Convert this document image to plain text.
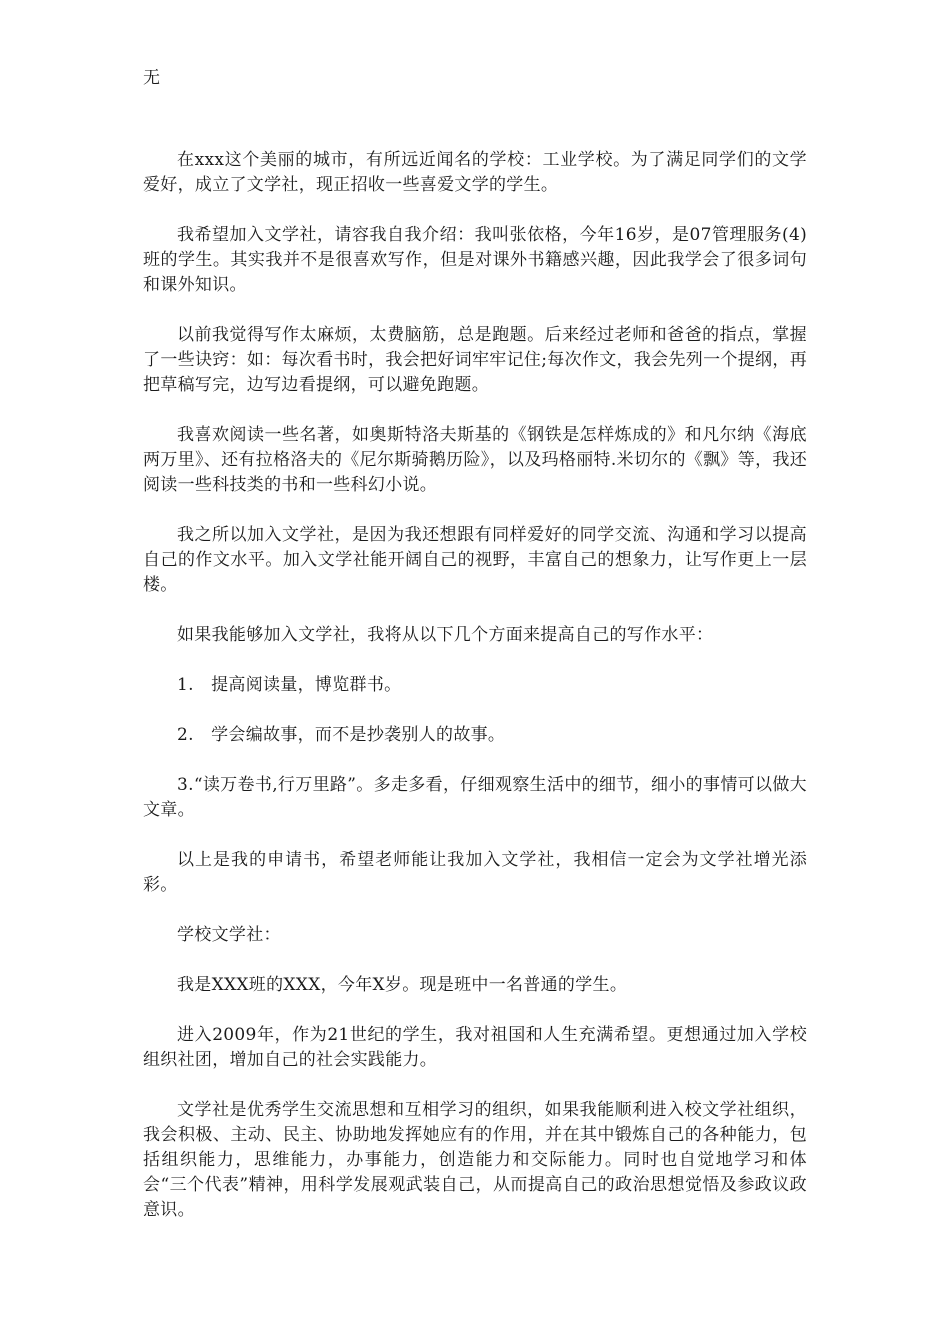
无

在xxx这个美丽的城市，有所远近闻名的学校：工业学校。为了满足同学们的文学爱好，成立了文学社，现正招收一些喜爱文学的学生。

我希望加入文学社，请容我自我介绍：我叫张依格，今年16岁，是07管理服务(4)班的学生。其实我并不是很喜欢写作，但是对课外书籍感兴趣，因此我学会了很多词句和课外知识。

以前我觉得写作太麻烦，太费脑筋，总是跑题。后来经过老师和爸爸的指点，掌握了一些诀窍：如：每次看书时，我会把好词牢牢记住;每次作文，我会先列一个提纲，再把草稿写完，边写边看提纲，可以避免跑题。

我喜欢阅读一些名著，如奥斯特洛夫斯基的《钢铁是怎样炼成的》和凡尔纳《海底两万里》、还有拉格洛夫的《尼尔斯骑鹅历险》，以及玛格丽特.米切尔的《飘》等，我还阅读一些科技类的书和一些科幻小说。

我之所以加入文学社，是因为我还想跟有同样爱好的同学交流、沟通和学习以提高自己的作文水平。加入文学社能开阔自己的视野，丰富自己的想象力，让写作更上一层楼。

如果我能够加入文学社，我将从以下几个方面来提高自己的写作水平：

1.　提高阅读量，博览群书。

2.　学会编故事，而不是抄袭别人的故事。

3.“读万卷书,行万里路”。多走多看，仔细观察生活中的细节，细小的事情可以做大文章。

以上是我的申请书，希望老师能让我加入文学社，我相信一定会为文学社增光添彩。

学校文学社：

我是XXX班的XXX，今年X岁。现是班中一名普通的学生。

进入2009年，作为21世纪的学生，我对祖国和人生充满希望。更想通过加入学校组织社团，增加自己的社会实践能力。

文学社是优秀学生交流思想和互相学习的组织，如果我能顺利进入校文学社组织，我会积极、主动、民主、协助地发挥她应有的作用，并在其中锻炼自己的各种能力，包括组织能力，思维能力，办事能力，创造能力和交际能力。同时也自觉地学习和体会“三个代表”精神，用科学发展观武装自己，从而提高自己的政治思想觉悟及参政议政意识。
